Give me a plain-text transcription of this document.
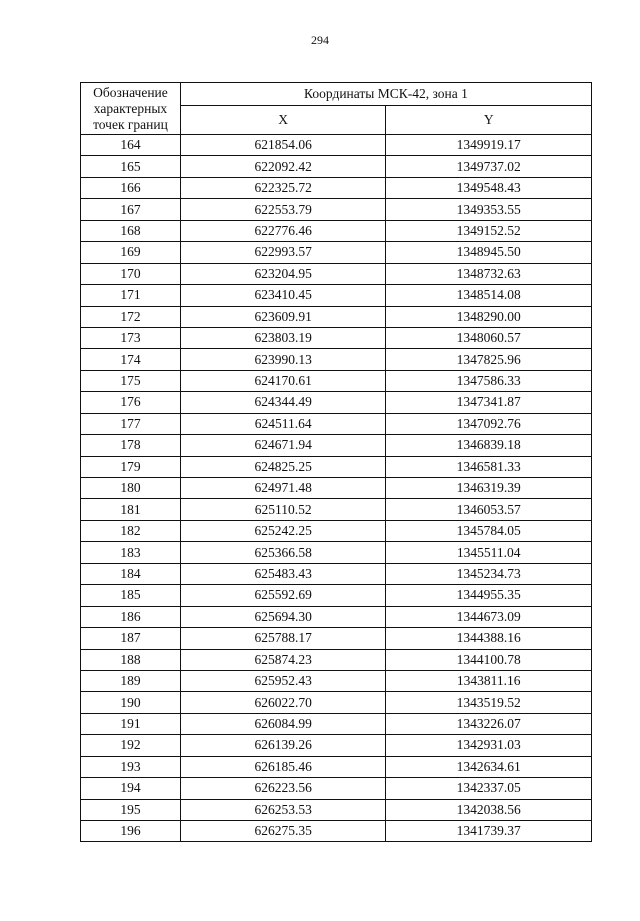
294
Обозначение характерных точек границ	Координаты МСК-42, зона 1	
	X	Y
164	621854.06	1349919.17
165	622092.42	1349737.02
166	622325.72	1349548.43
167	622553.79	1349353.55
168	622776.46	1349152.52
169	622993.57	1348945.50
170	623204.95	1348732.63
171	623410.45	1348514.08
172	623609.91	1348290.00
173	623803.19	1348060.57
174	623990.13	1347825.96
175	624170.61	1347586.33
176	624344.49	1347341.87
177	624511.64	1347092.76
178	624671.94	1346839.18
179	624825.25	1346581.33
180	624971.48	1346319.39
181	625110.52	1346053.57
182	625242.25	1345784.05
183	625366.58	1345511.04
184	625483.43	1345234.73
185	625592.69	1344955.35
186	625694.30	1344673.09
187	625788.17	1344388.16
188	625874.23	1344100.78
189	625952.43	1343811.16
190	626022.70	1343519.52
191	626084.99	1343226.07
192	626139.26	1342931.03
193	626185.46	1342634.61
194	626223.56	1342337.05
195	626253.53	1342038.56
196	626275.35	1341739.37
